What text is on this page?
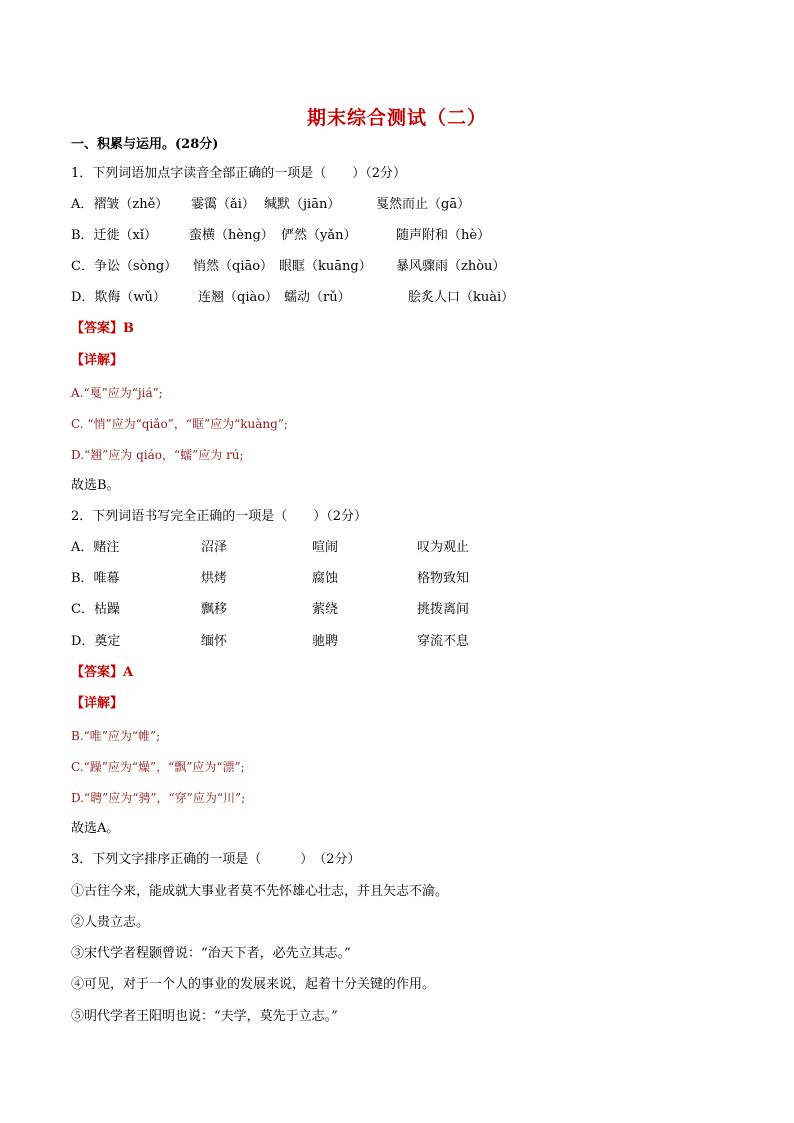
期末综合测试（二）
一、积累与运用。(28分)
1．下列词语加点字读音全部正确的一项是（　　）（2分）
A．褶皱（zhě） 霎霭（ǎi） 缄默（jiān）	戛然而止（gā）
B．迁徙（xǐ） 蛮横（hèng） 俨然（yǎn）	随声附和（hè）
C．争讼（sòng） 悄然（qiāo） 眼眶（kuāng） 暴风骤雨（zhòu）
D．欺侮（wǔ） 连翘（qiào） 蠕动（rǔ）	脍炙人口（kuài）
【答案】B
【详解】
A.“戛”应为“jiá”;
C. “悄”应为“qiǎo”，“眶”应为“kuàng”;
D.“翘”应为 qiáo，“蠕”应为 rú;
故选B。
2．下列词语书写完全正确的一项是（　　）（2分）
A．赌注	沼泽	喧闹	叹为观止
B．唯幕	烘烤	腐蚀	格物致知
C．枯躁	飘移	萦绕	挑拨离间
D．奠定	缅怀	驰聘	穿流不息
【答案】A
【详解】
B.“唯”应为“帷”;
C.“躁”应为“燥”，“飘”应为“漂”;
D.“聘”应为“骋”，“穿”应为“川”;
故选A。
3．下列文字排序正确的一项是（　　　）　（2分）
①古往今来，能成就大事业者莫不先怀雄心壮志，并且矢志不渝。
②人贵立志。
③宋代学者程颢曾说：“治天下者，必先立其志。”
④可见，对于一个人的事业的发展来说，起着十分关键的作用。
⑤明代学者王阳明也说：“夫学，莫先于立志。”
